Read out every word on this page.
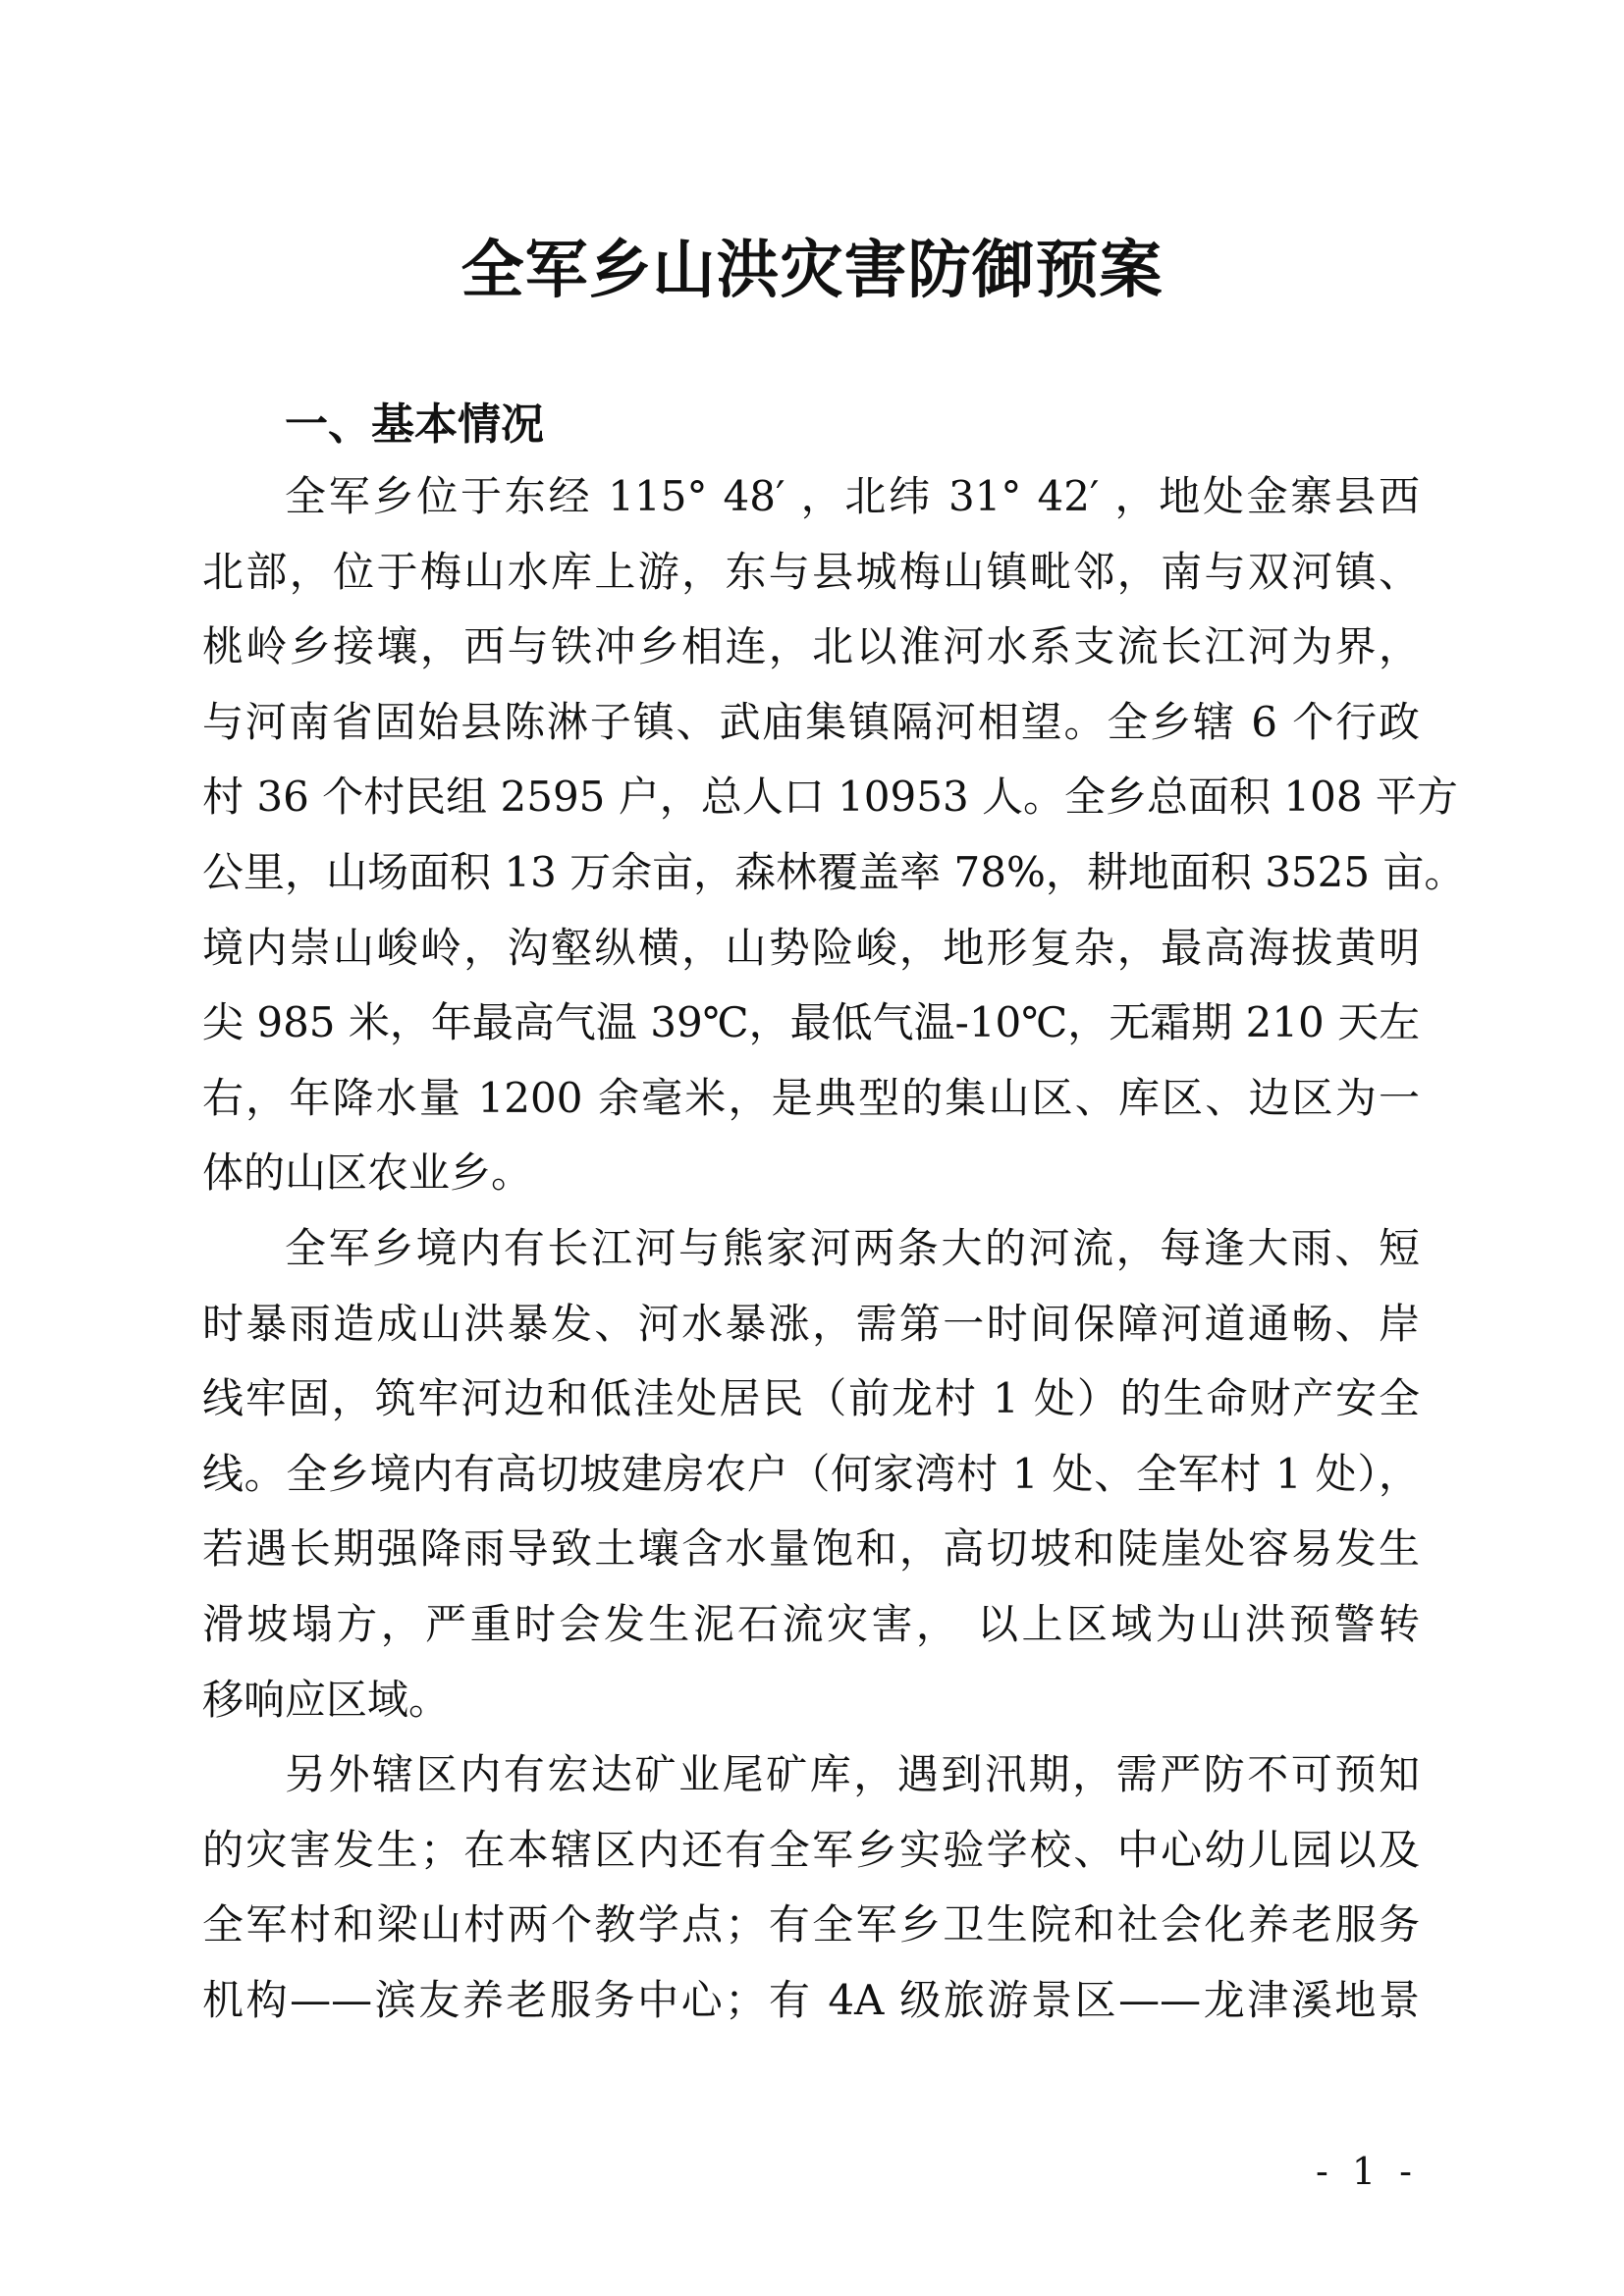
全军乡山洪灾害防御预案
一、基本情况
全军乡位于东经 115° 48′ ，北纬 31° 42′ ，地处金寨县西
北部，位于梅山水库上游，东与县城梅山镇毗邻，南与双河镇、
桃岭乡接壤，西与铁冲乡相连，北以淮河水系支流长江河为界，
与河南省固始县陈淋子镇、武庙集镇隔河相望。全乡辖 6 个行政
村 36 个村民组 2595 户，总人口 10953 人。全乡总面积 108 平方
公里，山场面积 13 万余亩，森林覆盖率 78%，耕地面积 3525 亩。
境内崇山峻岭，沟壑纵横，山势险峻，地形复杂，最高海拔黄明
尖 985 米，年最高气温 39℃，最低气温-10℃，无霜期 210 天左
右，年降水量 1200 余毫米，是典型的集山区、库区、边区为一
体的山区农业乡。
全军乡境内有长江河与熊家河两条大的河流，每逢大雨、短
时暴雨造成山洪暴发、河水暴涨，需第一时间保障河道通畅、岸
线牢固，筑牢河边和低洼处居民（前龙村 1 处）的生命财产安全
线。全乡境内有高切坡建房农户（何家湾村 1 处、全军村 1 处），
若遇长期强降雨导致土壤含水量饱和，高切坡和陡崖处容易发生
滑坡塌方，严重时会发生泥石流灾害， 以上区域为山洪预警转
移响应区域。
另外辖区内有宏达矿业尾矿库，遇到汛期，需严防不可预知
的灾害发生；在本辖区内还有全军乡实验学校、中心幼儿园以及
全军村和梁山村两个教学点；有全军乡卫生院和社会化养老服务
机构——滨友养老服务中心；有 4A 级旅游景区——龙津溪地景
- 1 -
